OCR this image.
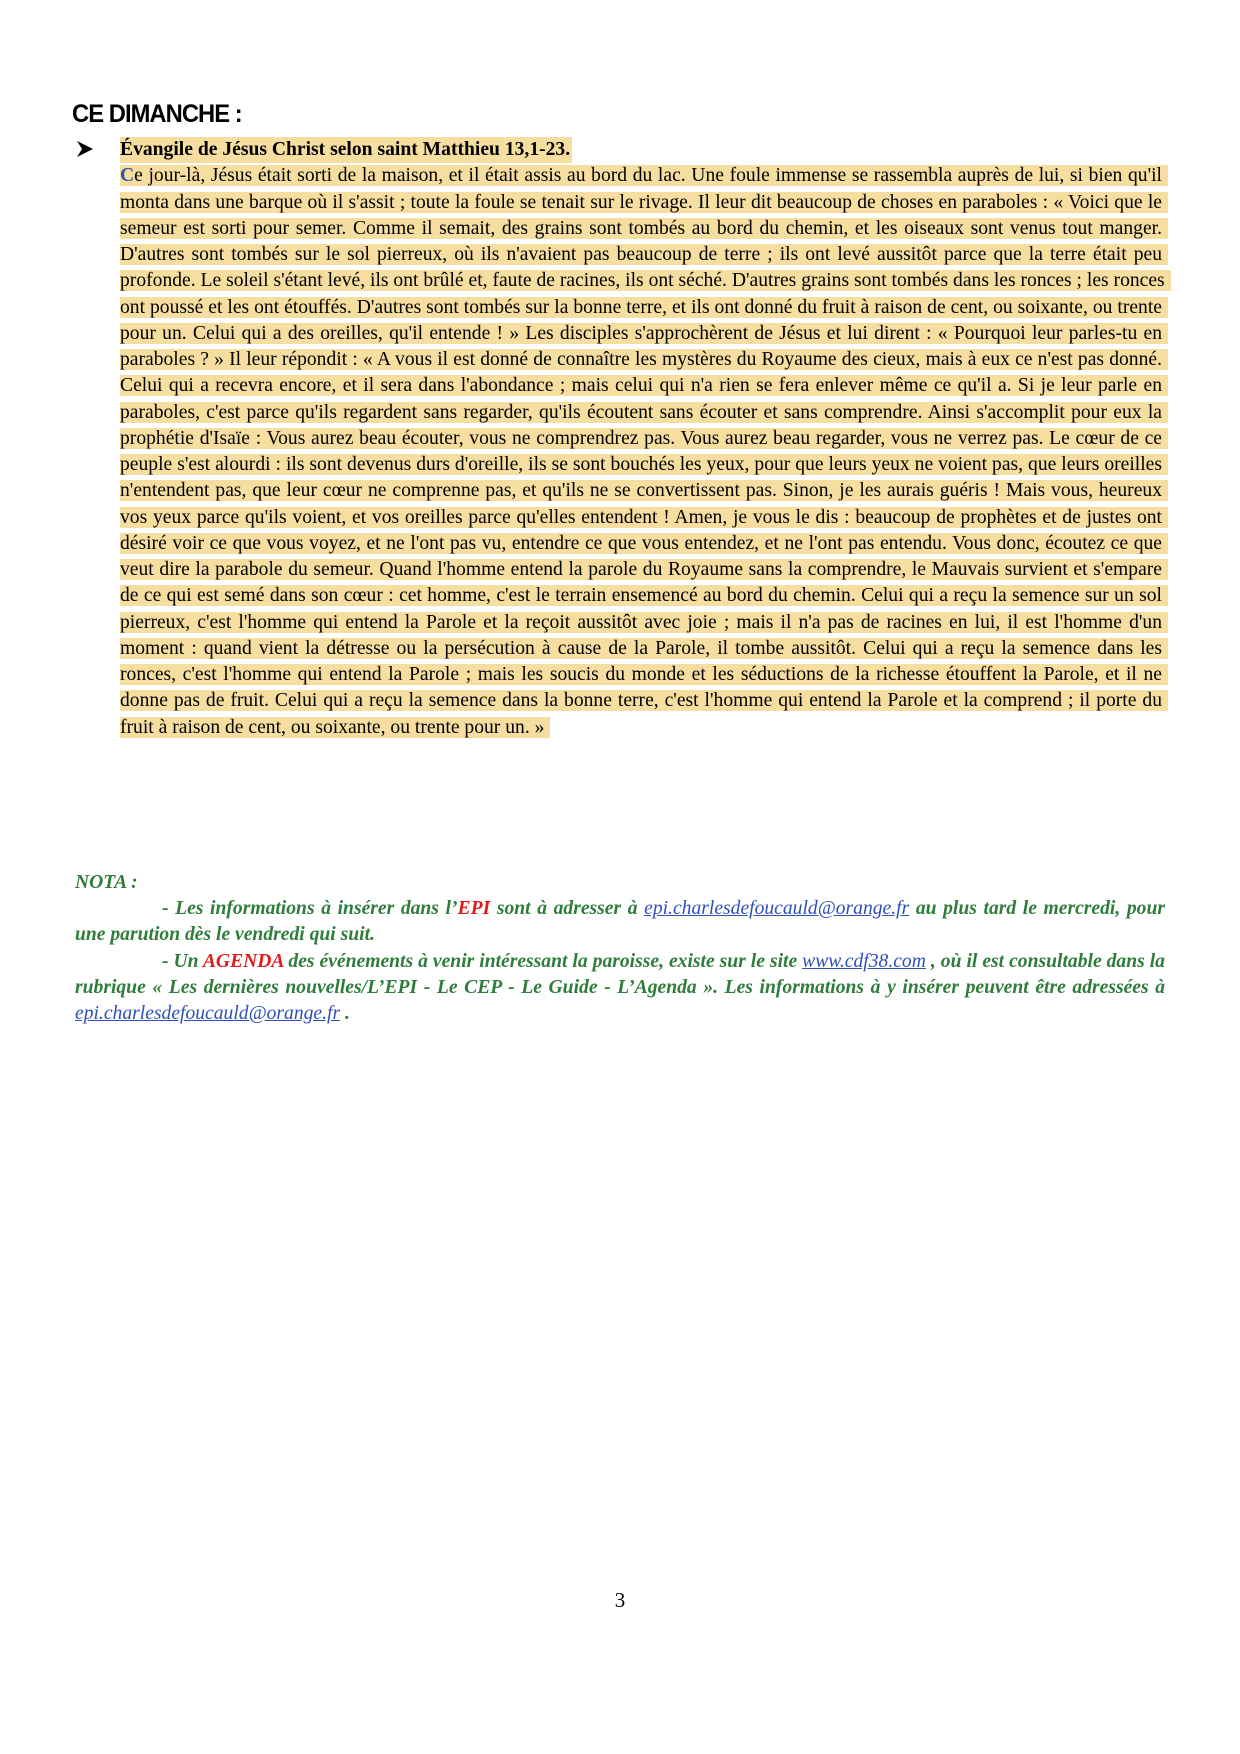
CE DIMANCHE :
Évangile de Jésus Christ selon saint Matthieu 13,1-23.

Ce jour-là, Jésus était sorti de la maison, et il était assis au bord du lac. Une foule immense se rassembla auprès de lui, si bien qu'il monta dans une barque où il s'assit ; toute la foule se tenait sur le rivage. Il leur dit beaucoup de choses en paraboles : « Voici que le semeur est sorti pour semer. Comme il semait, des grains sont tombés au bord du chemin, et les oiseaux sont venus tout manger. D'autres sont tombés sur le sol pierreux, où ils n'avaient pas beaucoup de terre ; ils ont levé aussitôt parce que la terre était peu profonde. Le soleil s'étant levé, ils ont brûlé et, faute de racines, ils ont séché. D'autres grains sont tombés dans les ronces ; les ronces ont poussé et les ont étouffés. D'autres sont tombés sur la bonne terre, et ils ont donné du fruit à raison de cent, ou soixante, ou trente pour un. Celui qui a des oreilles, qu'il entende ! » Les disciples s'approchèrent de Jésus et lui dirent : « Pourquoi leur parles-tu en paraboles ? » Il leur répondit : « A vous il est donné de connaître les mystères du Royaume des cieux, mais à eux ce n'est pas donné. Celui qui a recevra encore, et il sera dans l'abondance ; mais celui qui n'a rien se fera enlever même ce qu'il a. Si je leur parle en paraboles, c'est parce qu'ils regardent sans regarder, qu'ils écoutent sans écouter et sans comprendre. Ainsi s'accomplit pour eux la prophétie d'Isaïe : Vous aurez beau écouter, vous ne comprendrez pas. Vous aurez beau regarder, vous ne verrez pas. Le cœur de ce peuple s'est alourdi : ils sont devenus durs d'oreille, ils se sont bouchés les yeux, pour que leurs yeux ne voient pas, que leurs oreilles n'entendent pas, que leur cœur ne comprenne pas, et qu'ils ne se convertissent pas. Sinon, je les aurais guéris ! Mais vous, heureux vos yeux parce qu'ils voient, et vos oreilles parce qu'elles entendent ! Amen, je vous le dis : beaucoup de prophètes et de justes ont désiré voir ce que vous voyez, et ne l'ont pas vu, entendre ce que vous entendez, et ne l'ont pas entendu. Vous donc, écoutez ce que veut dire la parabole du semeur. Quand l'homme entend la parole du Royaume sans la comprendre, le Mauvais survient et s'empare de ce qui est semé dans son cœur : cet homme, c'est le terrain ensemencé au bord du chemin. Celui qui a reçu la semence sur un sol pierreux, c'est l'homme qui entend la Parole et la reçoit aussitôt avec joie ; mais il n'a pas de racines en lui, il est l'homme d'un moment : quand vient la détresse ou la persécution à cause de la Parole, il tombe aussitôt. Celui qui a reçu la semence dans les ronces, c'est l'homme qui entend la Parole ; mais les soucis du monde et les séductions de la richesse étouffent la Parole, et il ne donne pas de fruit. Celui qui a reçu la semence dans la bonne terre, c'est l'homme qui entend la Parole et la comprend ; il porte du fruit à raison de cent, ou soixante, ou trente pour un. »

NOTA :

- Les informations à insérer dans l’EPI sont à adresser à epi.charlesdefoucauld@orange.fr au plus tard le mercredi, pour une parution dès le vendredi qui suit.

- Un AGENDA des événements à venir intéressant la paroisse, existe sur le site www.cdf38.com , où il est consultable dans la rubrique « Les dernières nouvelles/L’EPI - Le CEP - Le Guide - L’Agenda ». Les informations à y insérer peuvent être adressées à epi.charlesdefoucauld@orange.fr .

3
